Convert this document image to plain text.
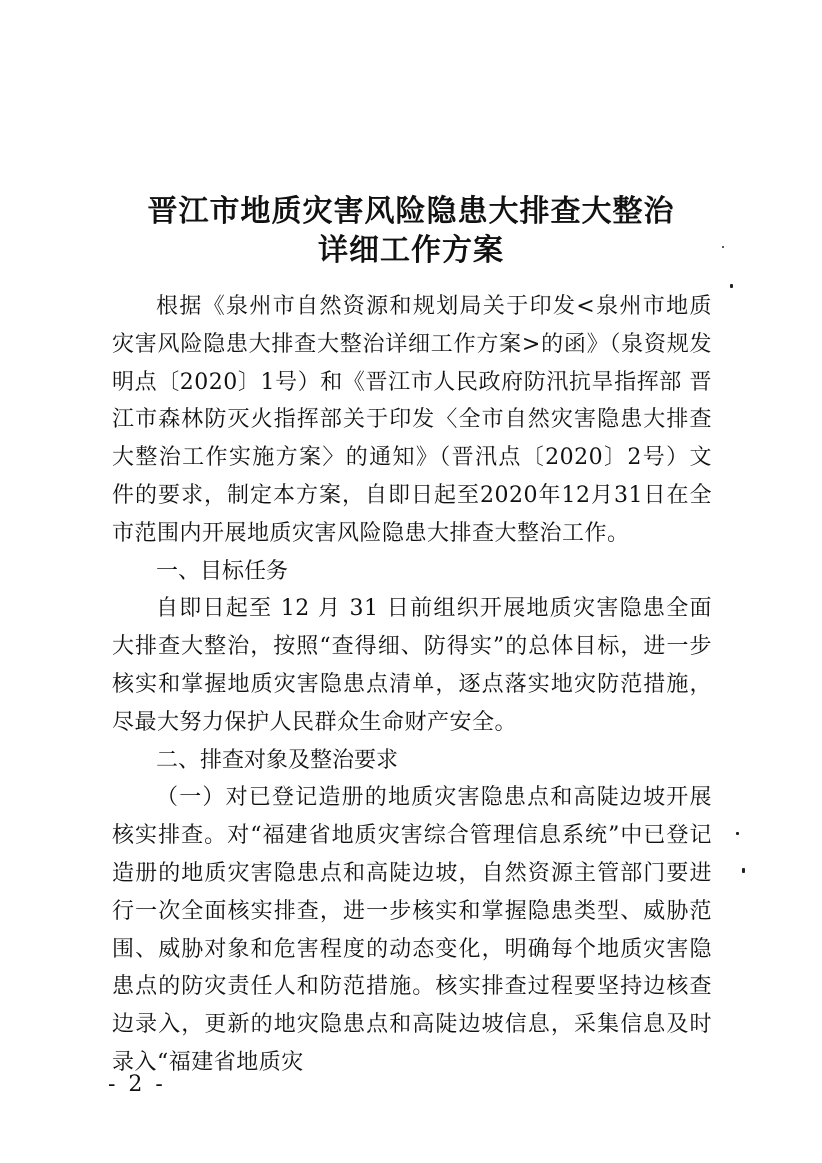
晋江市地质灾害风险隐患大排查大整治
详细工作方案

根据《泉州市自然资源和规划局关于印发<泉州市地质灾害风险隐患大排查大整治详细工作方案>的函》（泉资规发明点〔2020〕1号）和《晋江市人民政府防汛抗旱指挥部 晋江市森林防灭火指挥部关于印发〈全市自然灾害隐患大排查大整治工作实施方案〉的通知》（晋汛点〔2020〕2号）文件的要求，制定本方案，自即日起至2020年12月31日在全市范围内开展地质灾害风险隐患大排查大整治工作。

一、目标任务

自即日起至 12 月 31 日前组织开展地质灾害隐患全面大排查大整治，按照“查得细、防得实”的总体目标，进一步核实和掌握地质灾害隐患点清单，逐点落实地灾防范措施，尽最大努力保护人民群众生命财产安全。

二、排查对象及整治要求

（一）对已登记造册的地质灾害隐患点和高陡边坡开展核实排查。对“福建省地质灾害综合管理信息系统”中已登记造册的地质灾害隐患点和高陡边坡，自然资源主管部门要进行一次全面核实排查，进一步核实和掌握隐患类型、威胁范围、威胁对象和危害程度的动态变化，明确每个地质灾害隐患点的防灾责任人和防范措施。核实排查过程要坚持边核查边录入，更新的地灾隐患点和高陡边坡信息，采集信息及时录入“福建省地质灾

- 2 -
